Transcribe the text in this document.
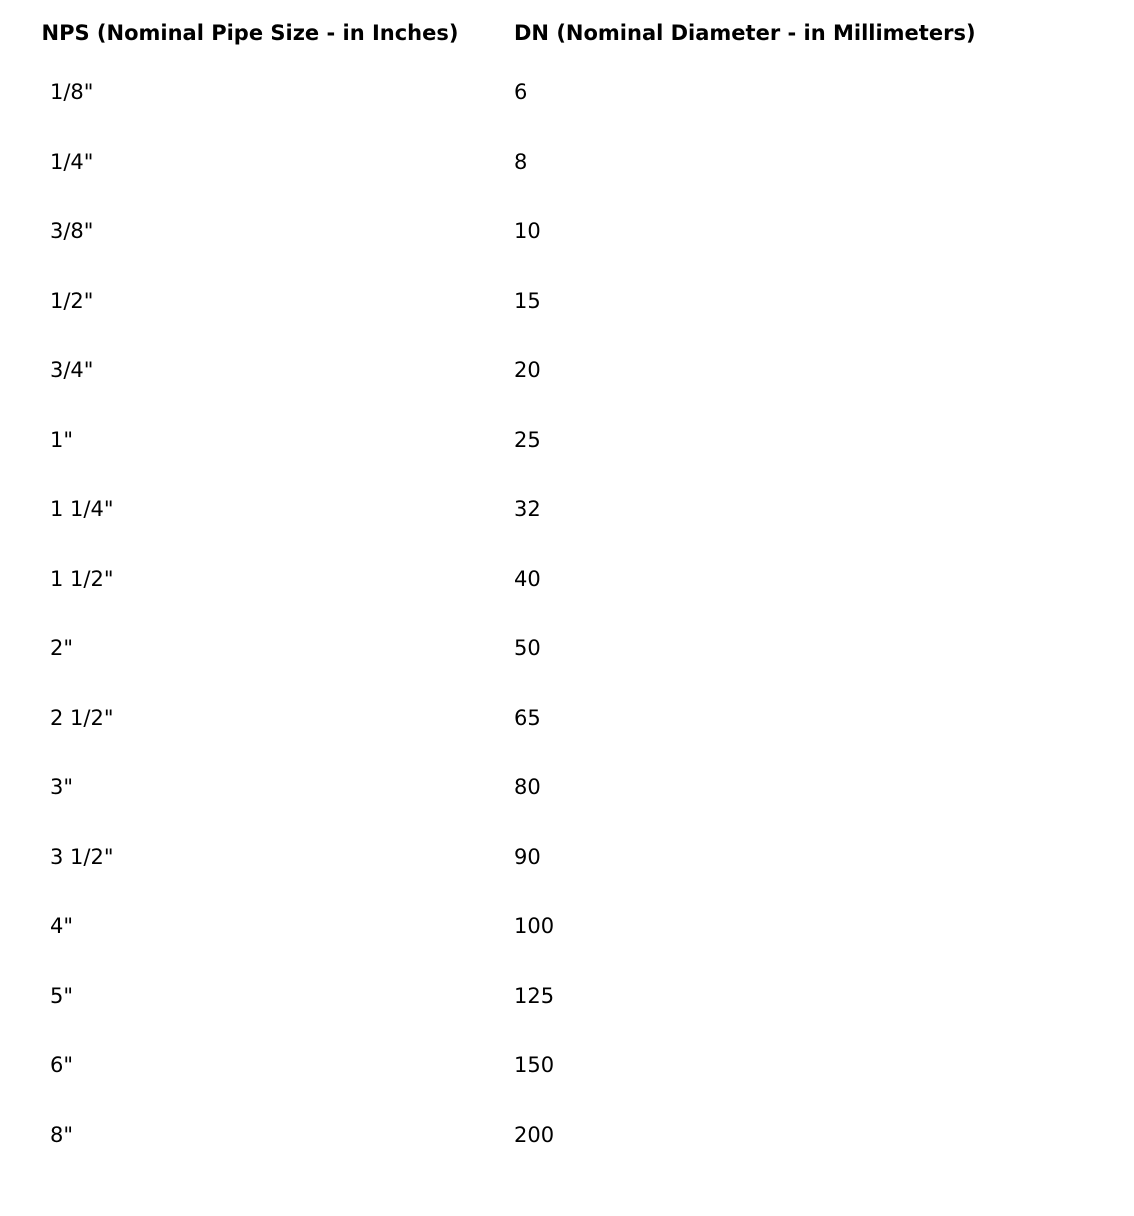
NPS (Nominal Pipe Size - in Inches)	DN (Nominal Diameter - in Millimeters)
1/8"	6
1/4"	8
3/8"	10
1/2"	15
3/4"	20
1"	25
1 1/4"	32
1 1/2"	40
2"	50
2 1/2"	65
3"	80
3 1/2"	90
4"	100
5"	125
6"	150
8"	200
